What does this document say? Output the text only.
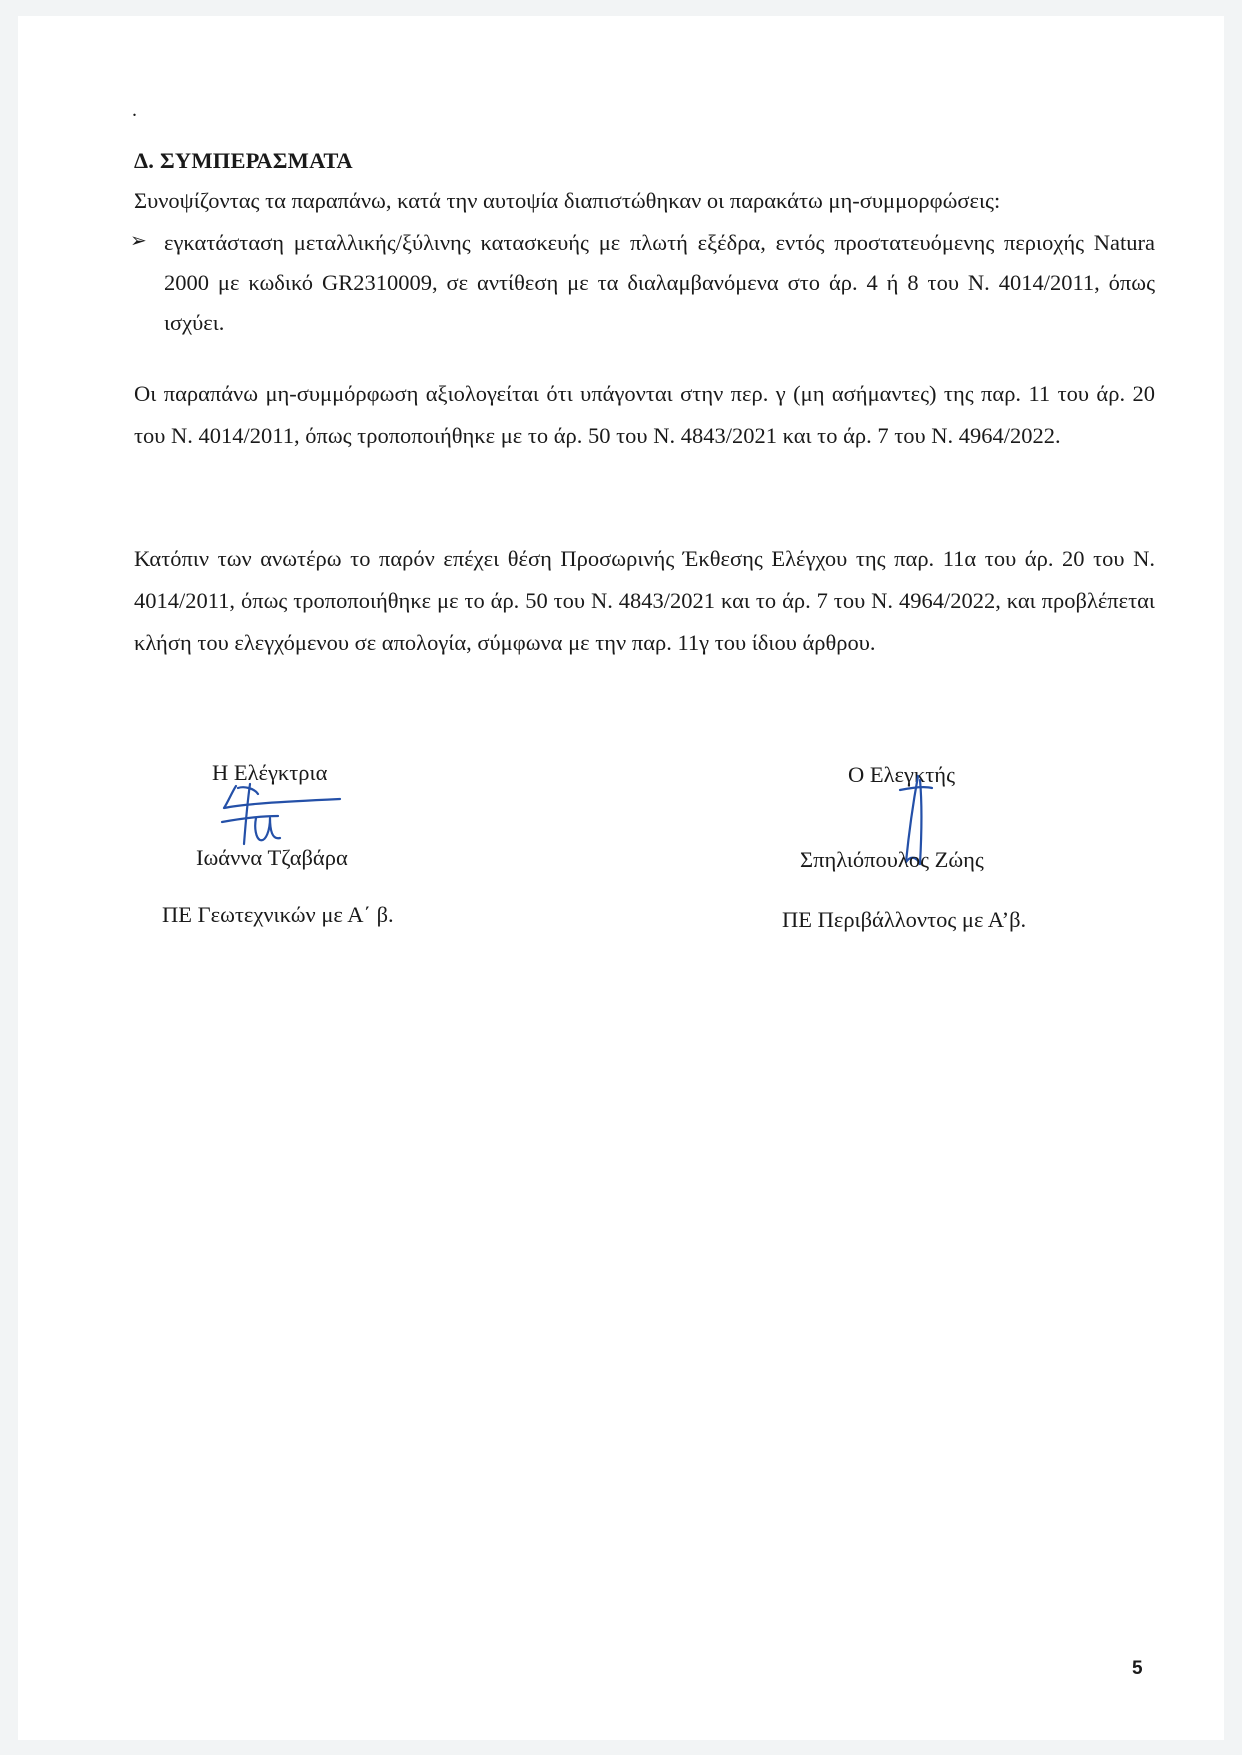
.
Δ. ΣΥΜΠΕΡΑΣΜΑΤΑ
Συνοψίζοντας τα παραπάνω, κατά την αυτοψία διαπιστώθηκαν οι παρακάτω μη-συμμορφώσεις:
➢ εγκατάσταση μεταλλικής/ξύλινης κατασκευής με πλωτή εξέδρα, εντός προστατευόμενης περιοχής Natura 2000 με κωδικό GR2310009, σε αντίθεση με τα διαλαμβανόμενα στο άρ. 4 ή 8 του Ν. 4014/2011, όπως ισχύει.
Οι παραπάνω μη-συμμόρφωση αξιολογείται ότι υπάγονται στην περ. γ (μη ασήμαντες) της παρ. 11 του άρ. 20 του Ν. 4014/2011, όπως τροποποιήθηκε με το άρ. 50 του Ν. 4843/2021 και το άρ. 7 του Ν. 4964/2022.
Κατόπιν των ανωτέρω το παρόν επέχει θέση Προσωρινής Έκθεσης Ελέγχου της παρ. 11α του άρ. 20 του Ν. 4014/2011, όπως τροποποιήθηκε με το άρ. 50 του Ν. 4843/2021 και το άρ. 7 του Ν. 4964/2022, και προβλέπεται κλήση του ελεγχόμενου σε απολογία, σύμφωνα με την παρ. 11γ του ίδιου άρθρου.
Η Ελέγκτρια
Ιωάννα Τζαβάρα
ΠΕ Γεωτεχνικών με Α΄ β.
Ο Ελεγκτής
Σπηλιόπουλος Ζώης
ΠΕ Περιβάλλοντος με Α’β.
5
